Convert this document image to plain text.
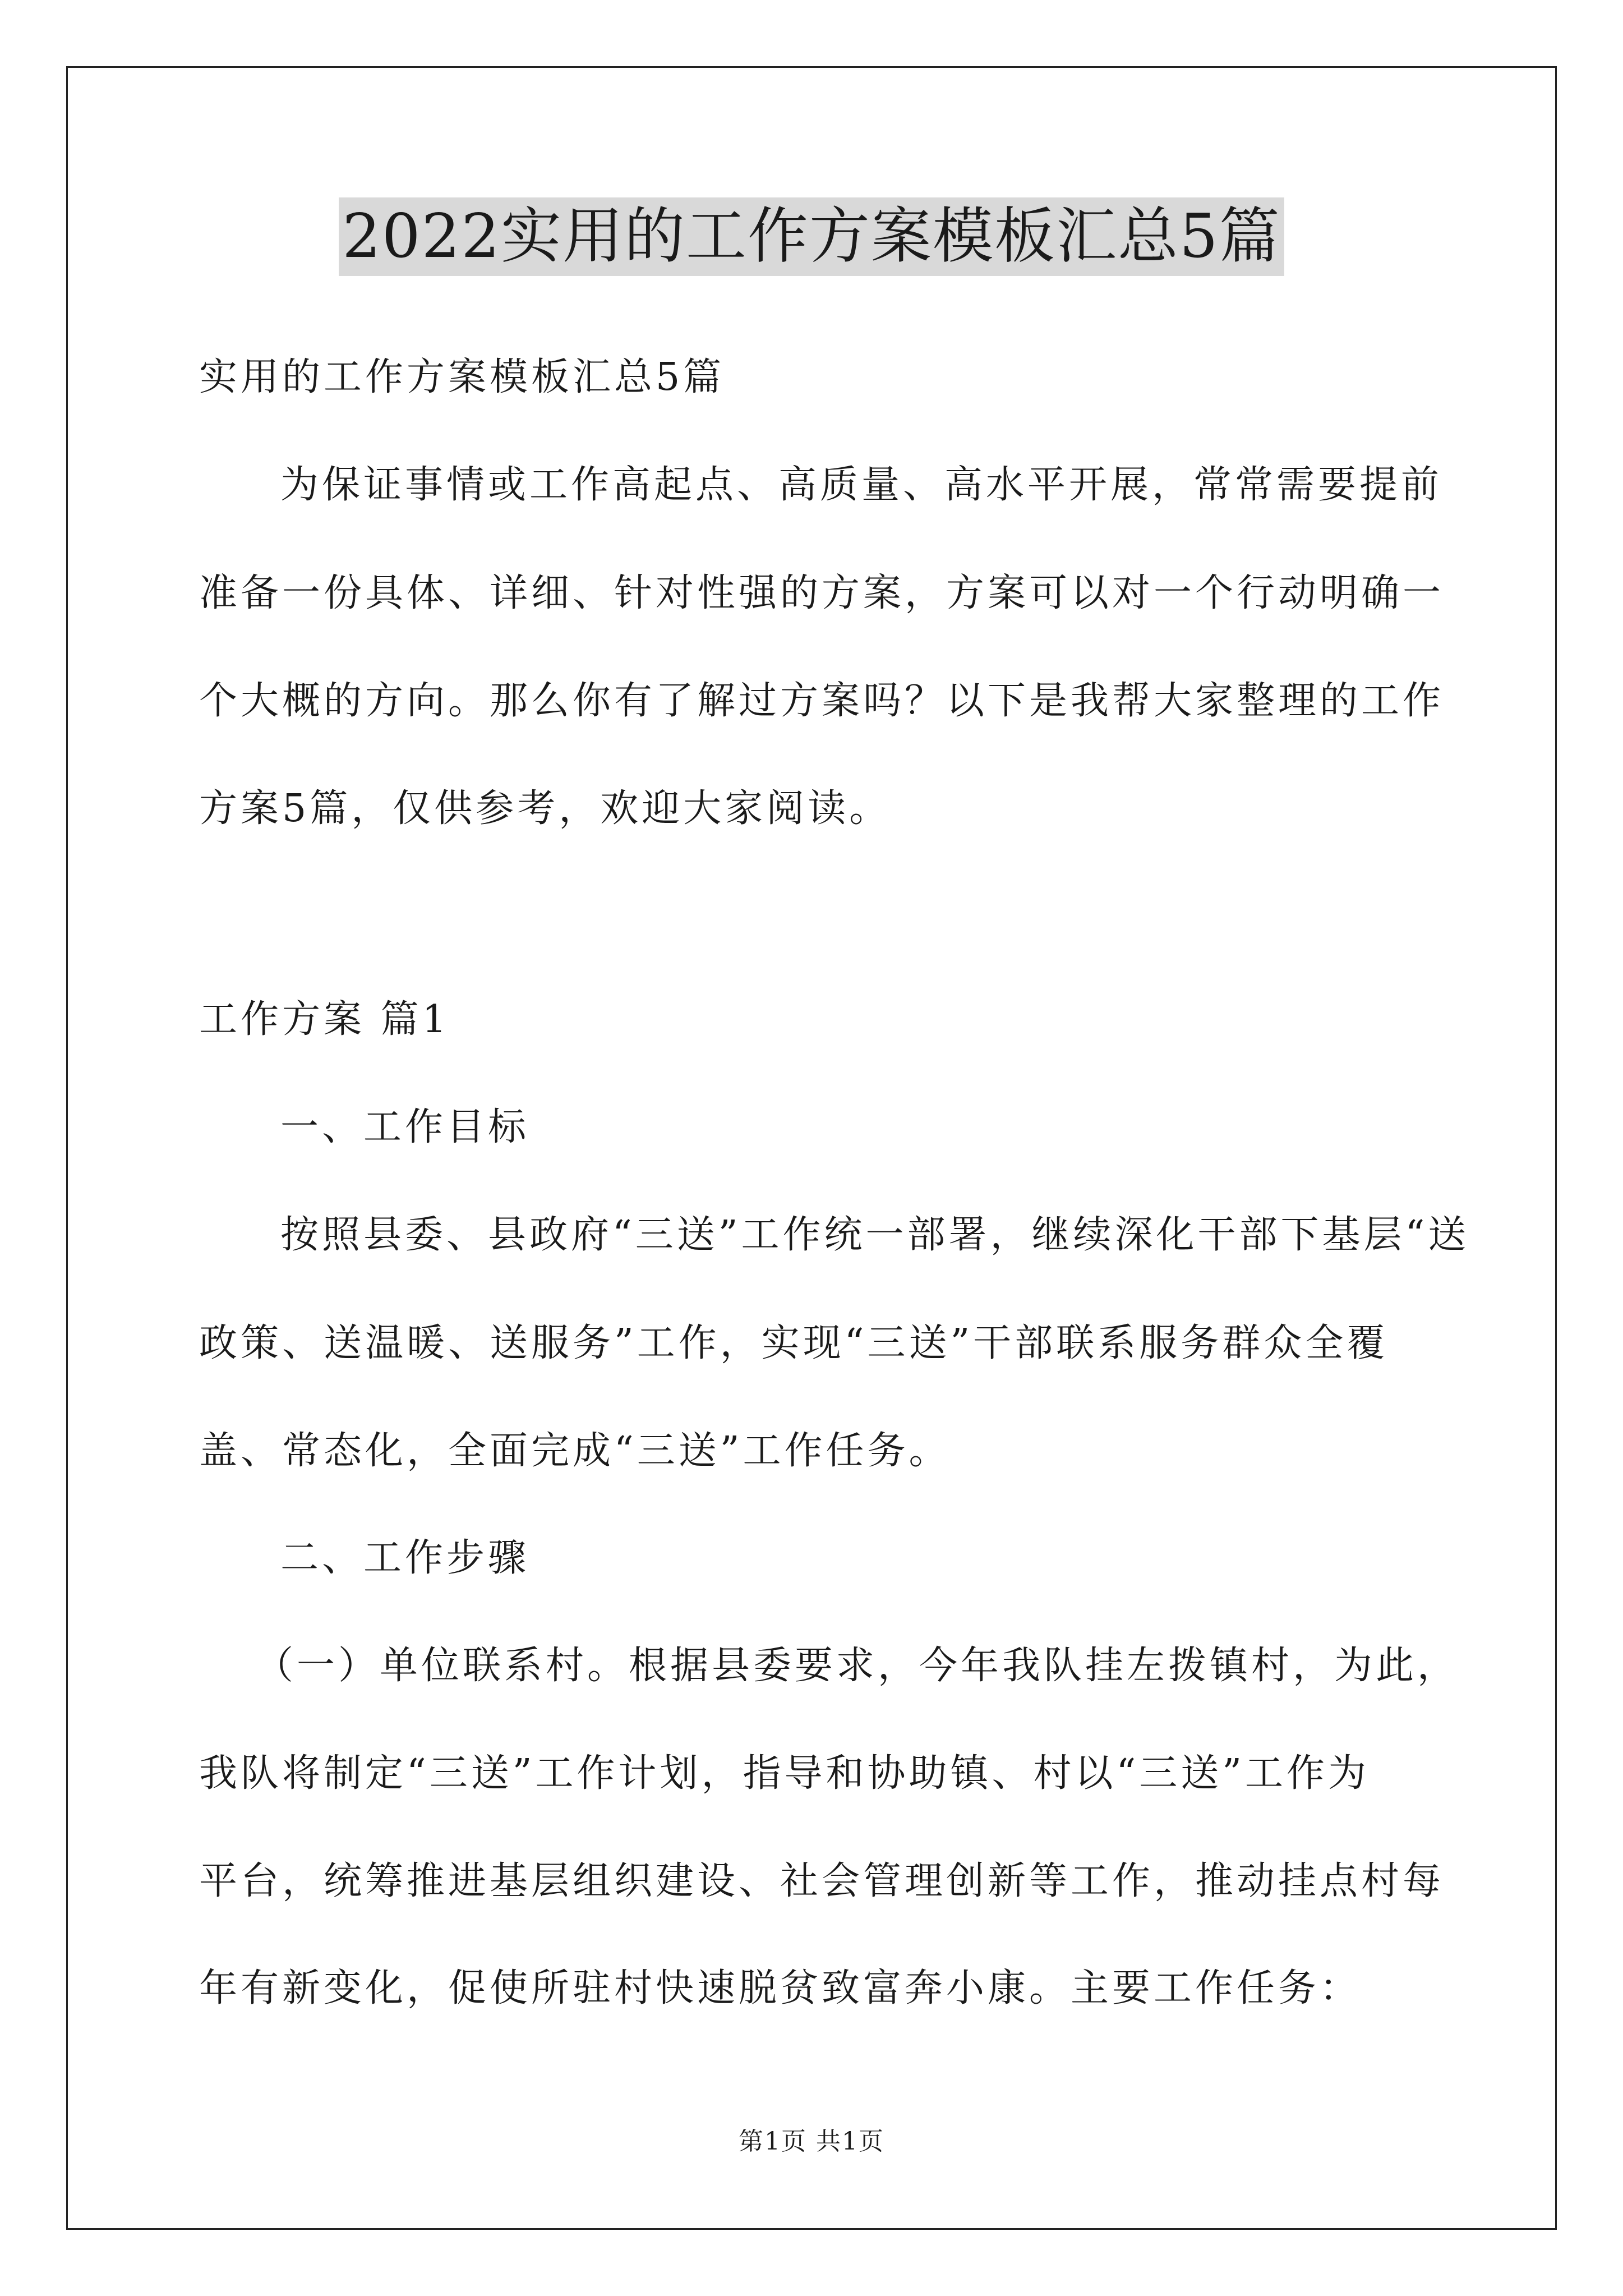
2022实用的工作方案模板汇总5篇
实用的工作方案模板汇总5篇
为保证事情或工作高起点、高质量、高水平开展，常常需要提前
准备一份具体、详细、针对性强的方案，方案可以对一个行动明确一
个大概的方向。那么你有了解过方案吗？以下是我帮大家整理的工作
方案5篇，仅供参考，欢迎大家阅读。
工作方案 篇1
一、工作目标
按照县委、县政府“三送”工作统一部署，继续深化干部下基层“送
政策、送温暖、送服务”工作，实现“三送”干部联系服务群众全覆
盖、常态化，全面完成“三送”工作任务。
二、工作步骤
（一）单位联系村。根据县委要求，今年我队挂左拨镇村，为此，
我队将制定“三送”工作计划，指导和协助镇、村以“三送”工作为
平台，统筹推进基层组织建设、社会管理创新等工作，推动挂点村每
年有新变化，促使所驻村快速脱贫致富奔小康。主要工作任务：
第1页 共1页
